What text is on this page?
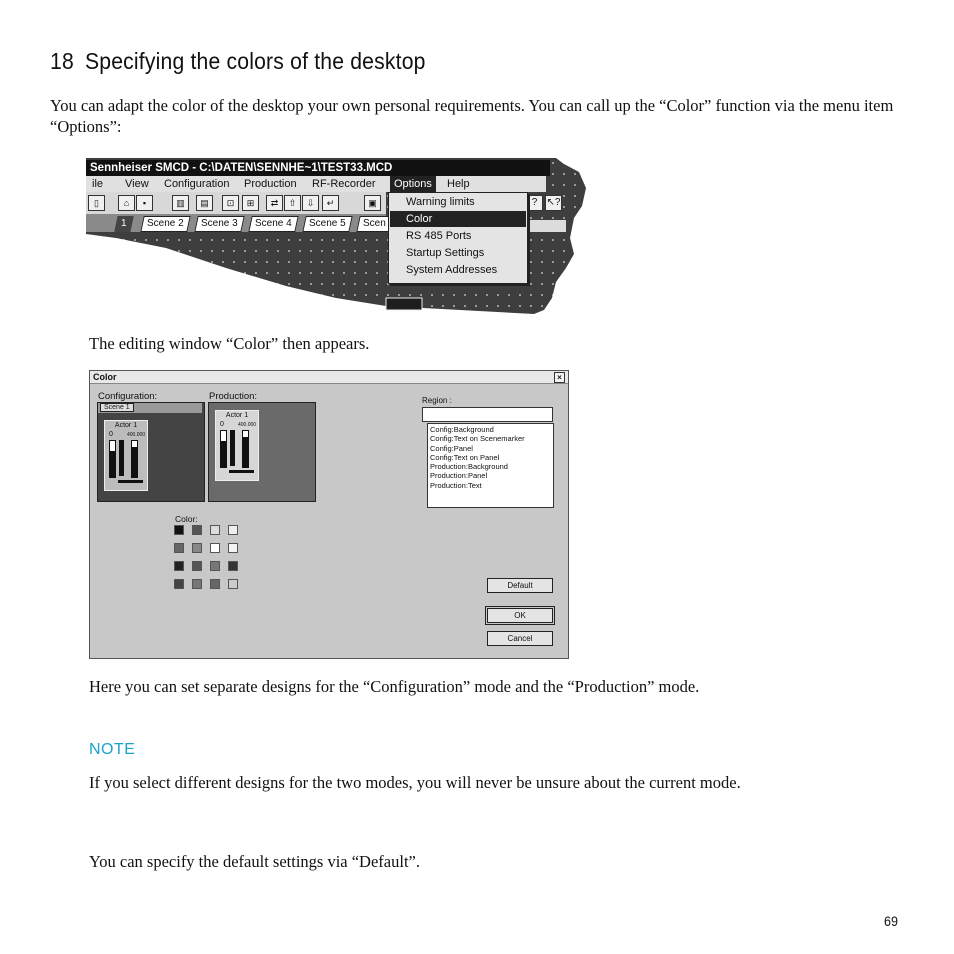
18 Specifying the colors of the desktop
You can adapt the color of the desktop your own personal requirements. You can call up the “Color” function via the menu item “Options”:
Sennheiser SMCD - C:\DATEN\SENNHE~1\TEST33.MCD
ile View Configuration Production RF-Recorder	Options	Help
▯	⌂	▪	▥	▤	⊡	⊞	⇄	⇧	⇩	↵	▣	? ↖?
1	Scene 2	Scene 3	Scene 4	Scene 5	Scen
Warning limits
Color
RS 485 Ports
Startup Settings
System Addresses
The editing window “Color” then appears.
Color	×
Configuration:	Production:
Scene 1
Actor 1
0	400.000
Actor 1
0	400.000
Region :
Config:Background
Config:Text on Scenemarker
Config:Panel
Config:Text on Panel
Production:Background
Production:Panel
Production:Text
Color:
Default
OK
Cancel
Here you can set separate designs for the “Configuration” mode and the “Production” mode.
NOTE
If you select different designs for the two modes, you will never be unsure about the current mode.
You can specify the default settings via “Default”.
69
